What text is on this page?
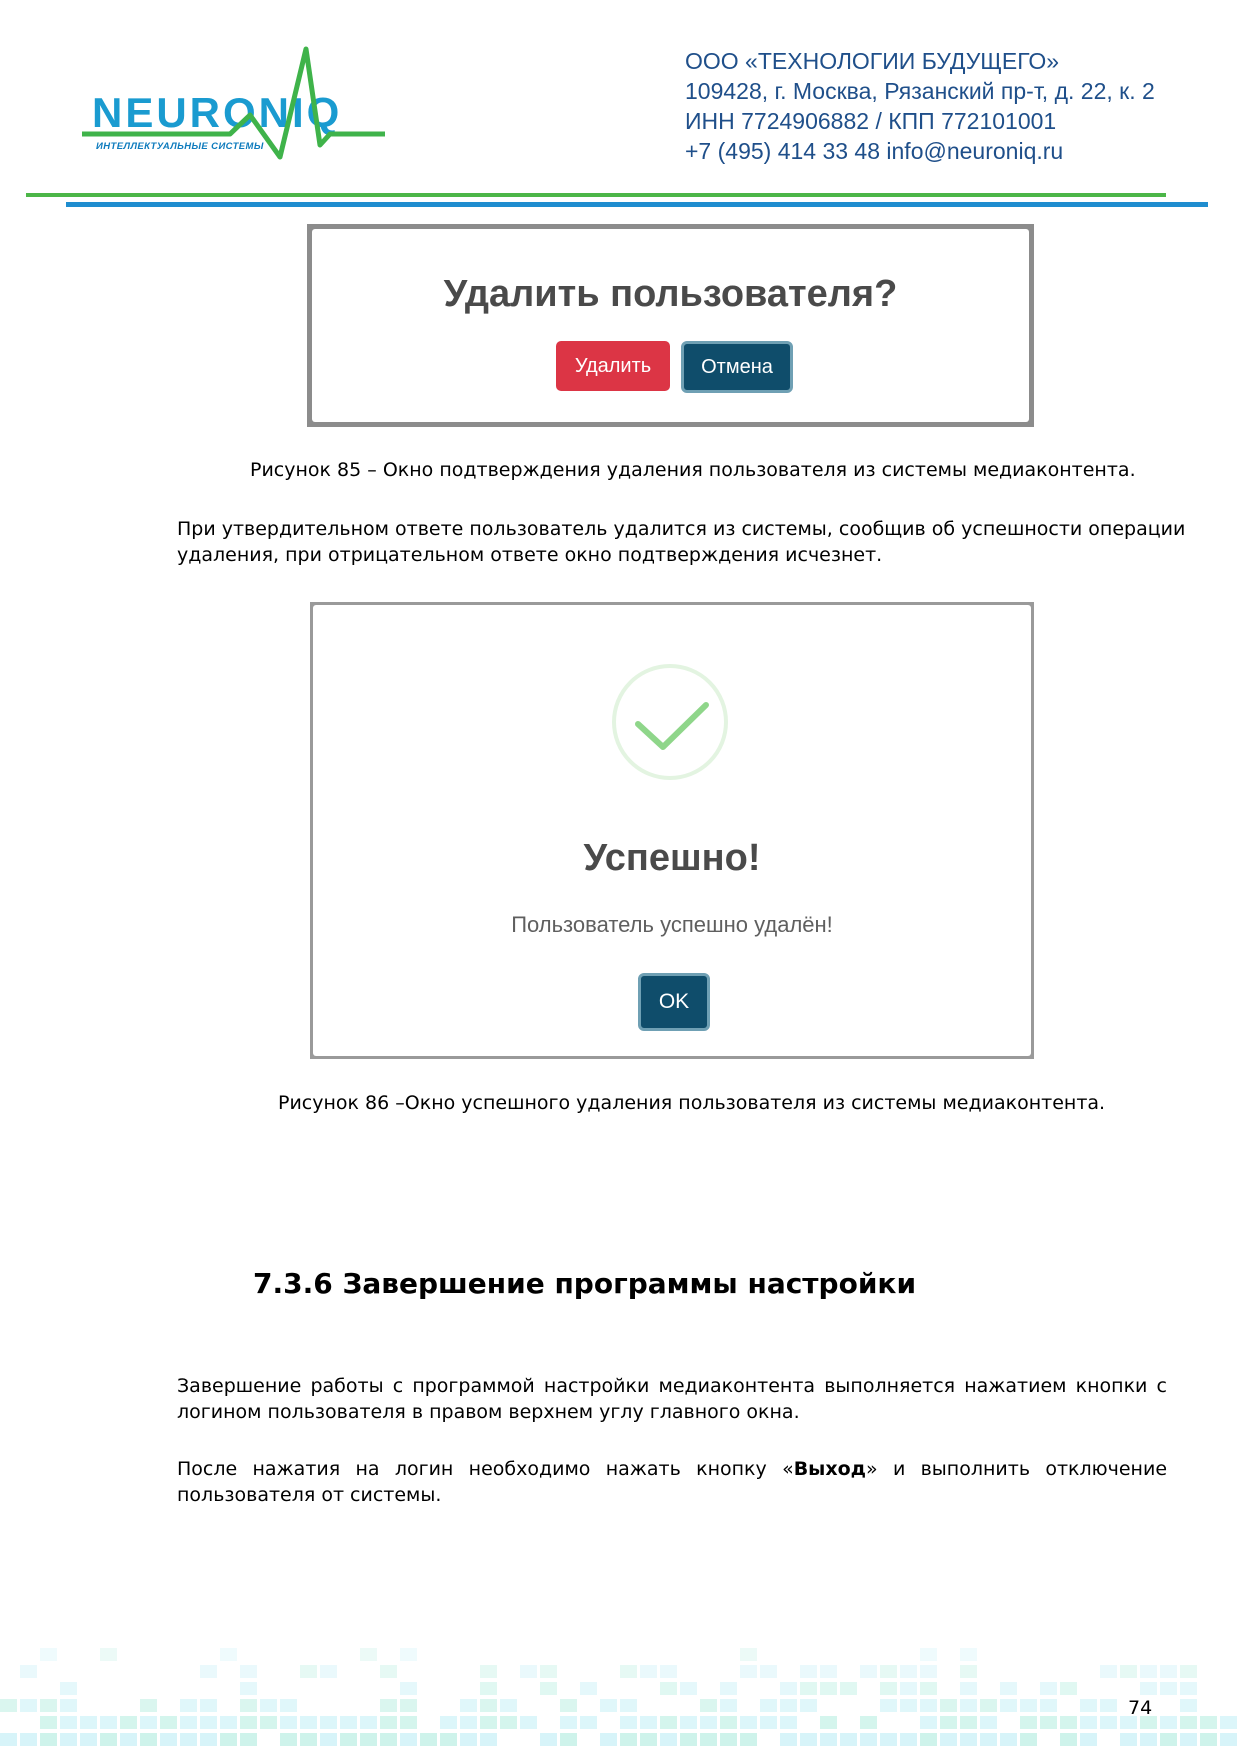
NEURONIQ
ИНТЕЛЛЕКТУАЛЬНЫЕ СИСТЕМЫ
ООО «ТЕХНОЛОГИИ БУДУЩЕГО»
109428, г. Москва, Рязанский пр-т, д. 22, к. 2
ИНН 7724906882 / КПП 772101001
+7 (495) 414 33 48 info@neuroniq.ru
Удалить пользователя?
Удалить	Отмена
Рисунок 85 – Окно подтверждения удаления пользователя из системы медиаконтента.
При утвердительном ответе пользователь удалится из системы, сообщив об успешности операции
удаления, при отрицательном ответе окно подтверждения исчезнет.
Успешно!
Пользователь успешно удалён!
OK
Рисунок 86 –Окно успешного удаления пользователя из системы медиаконтента.
7.3.6 Завершение программы настройки
Завершение работы с программой настройки медиаконтента выполняется нажатием кнопки с
логином пользователя в правом верхнем углу главного окна.
После нажатия на логин необходимо нажать кнопку «Выход» и выполнить отключение
пользователя от системы.
74
